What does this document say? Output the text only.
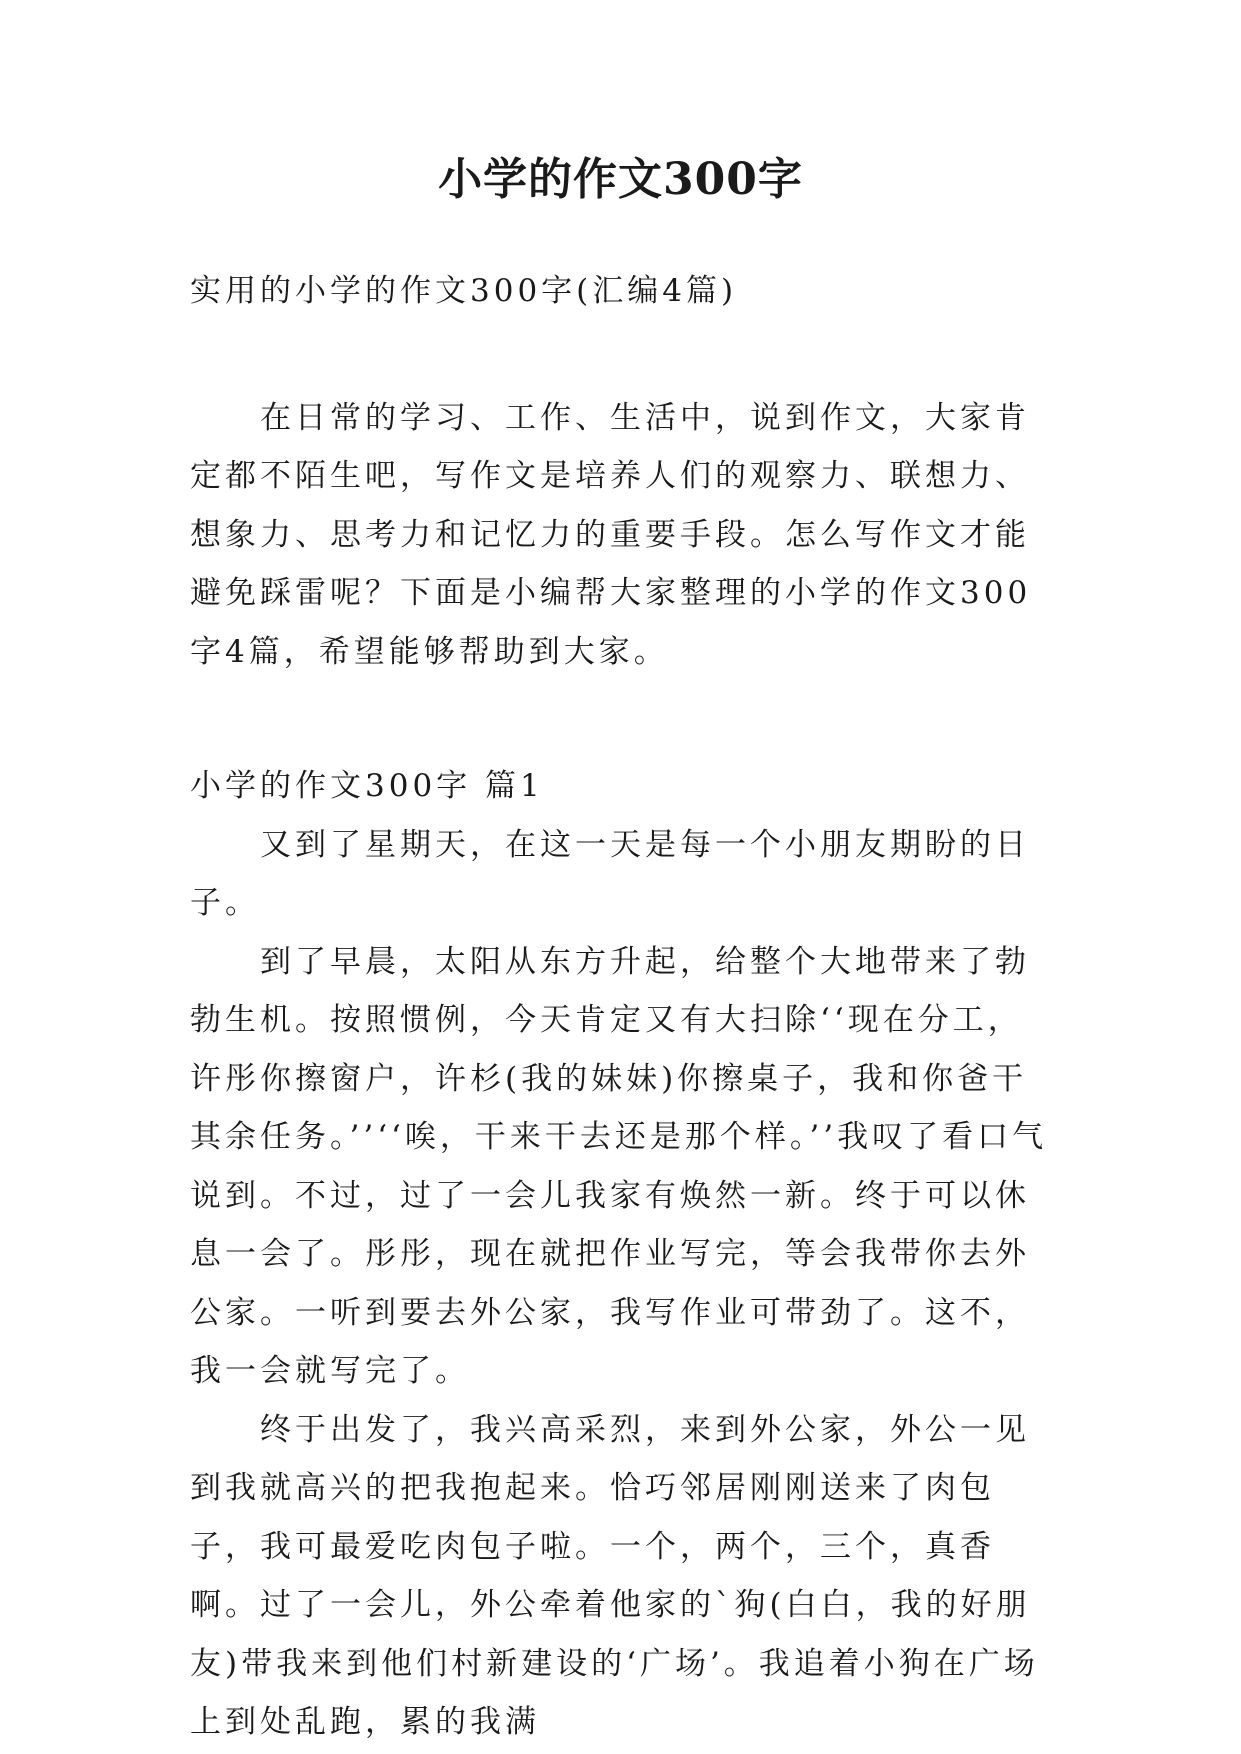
小学的作文300字

实用的小学的作文300字(汇编4篇)

在日常的学习、工作、生活中，说到作文，大家肯定都不陌生吧，写作文是培养人们的观察力、联想力、想象力、思考力和记忆力的重要手段。怎么写作文才能避免踩雷呢？下面是小编帮大家整理的小学的作文300字4篇，希望能够帮助到大家。

小学的作文300字 篇1

又到了星期天，在这一天是每一个小朋友期盼的日子。

到了早晨，太阳从东方升起，给整个大地带来了勃勃生机。按照惯例，今天肯定又有大扫除‘‘现在分工，许彤你擦窗户，许杉(我的妹妹)你擦桌子，我和你爸干其余任务。’’‘‘唉，干来干去还是那个样。’’我叹了看口气说到。不过，过了一会儿我家有焕然一新。终于可以休息一会了。彤彤，现在就把作业写完，等会我带你去外公家。一听到要去外公家，我写作业可带劲了。这不，我一会就写完了。

终于出发了，我兴高采烈，来到外公家，外公一见到我就高兴的把我抱起来。恰巧邻居刚刚送来了肉包子，我可最爱吃肉包子啦。一个，两个，三个，真香啊。过了一会儿，外公牵着他家的`狗(白白，我的好朋友)带我来到他们村新建设的‘广场’。我追着小狗在广场上到处乱跑，累的我满
